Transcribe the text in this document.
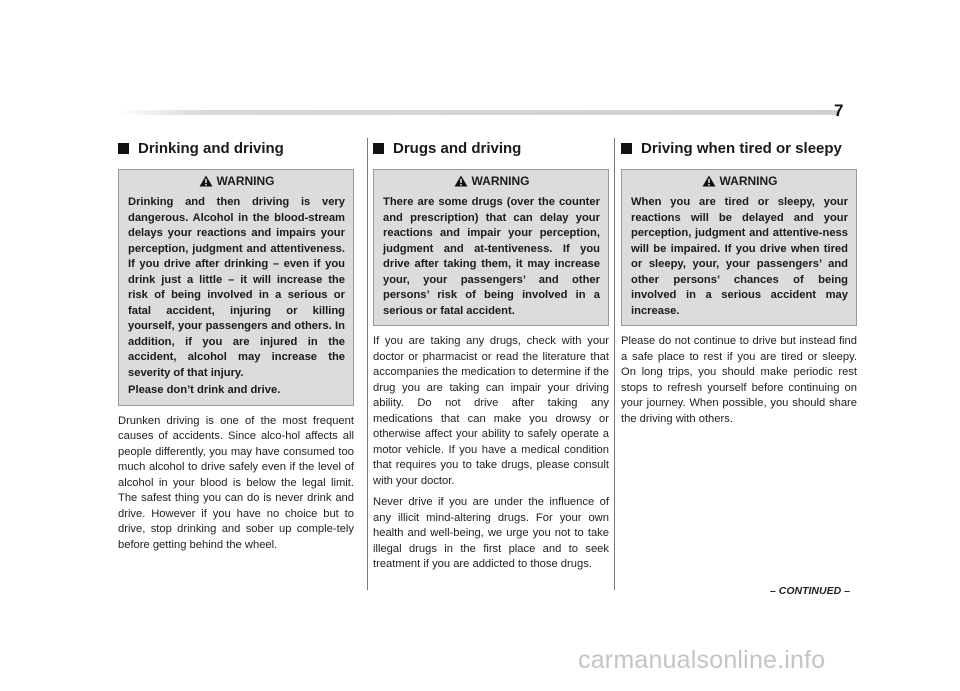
7
Drinking and driving
WARNING

Drinking and then driving is very dangerous. Alcohol in the blood-stream delays your reactions and impairs your perception, judgment and attentiveness. If you drive after drinking – even if you drink just a little – it will increase the risk of being involved in a serious or fatal accident, injuring or killing yourself, your passengers and others. In addition, if you are injured in the accident, alcohol may increase the severity of that injury.

Please don’t drink and drive.

Drunken driving is one of the most frequent causes of accidents. Since alco-hol affects all people differently, you may have consumed too much alcohol to drive safely even if the level of alcohol in your blood is below the legal limit. The safest thing you can do is never drink and drive. However if you have no choice but to drive, stop drinking and sober up comple-tely before getting behind the wheel.

Drugs and driving
WARNING

There are some drugs (over the counter and prescription) that can delay your reactions and impair your perception, judgment and at-tentiveness. If you drive after taking them, it may increase your, your passengers’ and other persons’ risk of being involved in a serious or fatal accident.

If you are taking any drugs, check with your doctor or pharmacist or read the literature that accompanies the medication to determine if the drug you are taking can impair your driving ability. Do not drive after taking any medications that can make you drowsy or otherwise affect your ability to safely operate a motor vehicle. If you have a medical condition that requires you to take drugs, please consult with your doctor.

Never drive if you are under the influence of any illicit mind-altering drugs. For your own health and well-being, we urge you not to take illegal drugs in the first place and to seek treatment if you are addicted to those drugs.

Driving when tired or sleepy
WARNING

When you are tired or sleepy, your reactions will be delayed and your perception, judgment and attentive-ness will be impaired. If you drive when tired or sleepy, your, your passengers’ and other persons’ chances of being involved in a serious accident may increase.

Please do not continue to drive but instead find a safe place to rest if you are tired or sleepy. On long trips, you should make periodic rest stops to refresh yourself before continuing on your journey. When possible, you should share the driving with others.

– CONTINUED –
carmanualsonline.info
